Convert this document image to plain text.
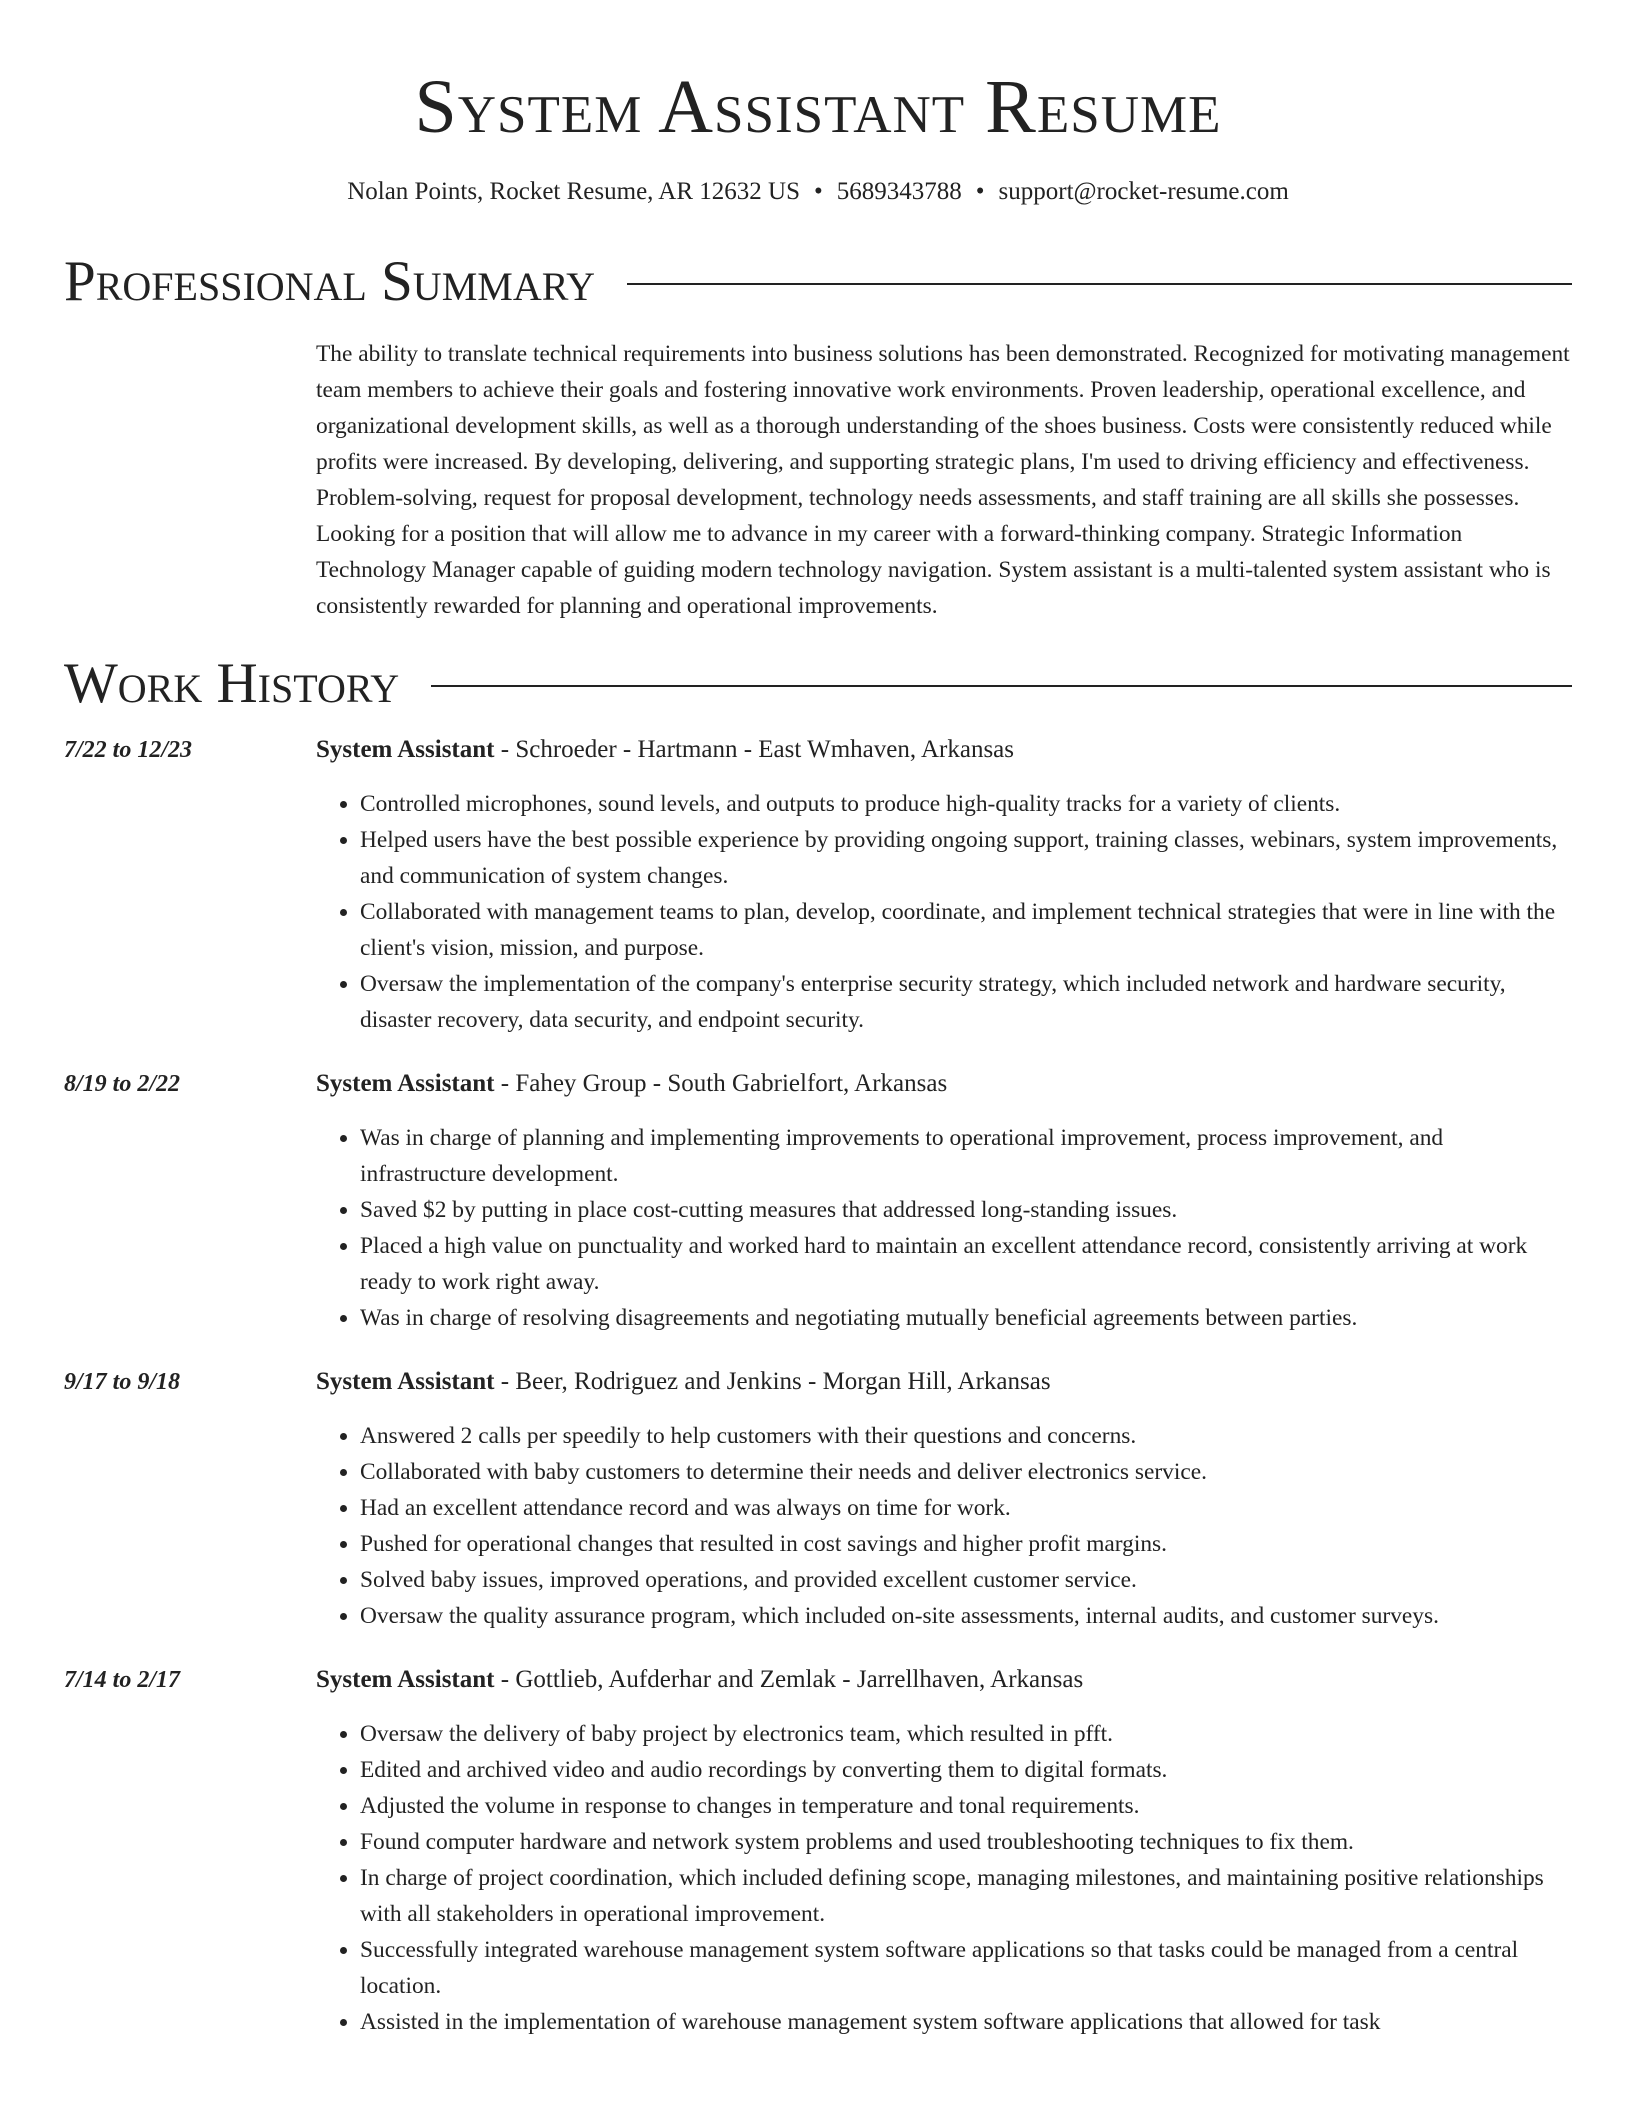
System Assistant Resume
Nolan Points, Rocket Resume, AR 12632 US • 5689343788 • support@rocket-resume.com
Professional Summary
The ability to translate technical requirements into business solutions has been demonstrated. Recognized for motivating management team members to achieve their goals and fostering innovative work environments. Proven leadership, operational excellence, and organizational development skills, as well as a thorough understanding of the shoes business. Costs were consistently reduced while profits were increased. By developing, delivering, and supporting strategic plans, I'm used to driving efficiency and effectiveness. Problem-solving, request for proposal development, technology needs assessments, and staff training are all skills she possesses. Looking for a position that will allow me to advance in my career with a forward-thinking company. Strategic Information Technology Manager capable of guiding modern technology navigation. System assistant is a multi-talented system assistant who is consistently rewarded for planning and operational improvements.
Work History
7/22 to 12/23	System Assistant - Schroeder - Hartmann - East Wmhaven, Arkansas
• Controlled microphones, sound levels, and outputs to produce high-quality tracks for a variety of clients.
• Helped users have the best possible experience by providing ongoing support, training classes, webinars, system improvements, and communication of system changes.
• Collaborated with management teams to plan, develop, coordinate, and implement technical strategies that were in line with the client's vision, mission, and purpose.
• Oversaw the implementation of the company's enterprise security strategy, which included network and hardware security, disaster recovery, data security, and endpoint security.
8/19 to 2/22	System Assistant - Fahey Group - South Gabrielfort, Arkansas
• Was in charge of planning and implementing improvements to operational improvement, process improvement, and infrastructure development.
• Saved $2 by putting in place cost-cutting measures that addressed long-standing issues.
• Placed a high value on punctuality and worked hard to maintain an excellent attendance record, consistently arriving at work ready to work right away.
• Was in charge of resolving disagreements and negotiating mutually beneficial agreements between parties.
9/17 to 9/18	System Assistant - Beer, Rodriguez and Jenkins - Morgan Hill, Arkansas
• Answered 2 calls per speedily to help customers with their questions and concerns.
• Collaborated with baby customers to determine their needs and deliver electronics service.
• Had an excellent attendance record and was always on time for work.
• Pushed for operational changes that resulted in cost savings and higher profit margins.
• Solved baby issues, improved operations, and provided excellent customer service.
• Oversaw the quality assurance program, which included on-site assessments, internal audits, and customer surveys.
7/14 to 2/17	System Assistant - Gottlieb, Aufderhar and Zemlak - Jarrellhaven, Arkansas
• Oversaw the delivery of baby project by electronics team, which resulted in pfft.
• Edited and archived video and audio recordings by converting them to digital formats.
• Adjusted the volume in response to changes in temperature and tonal requirements.
• Found computer hardware and network system problems and used troubleshooting techniques to fix them.
• In charge of project coordination, which included defining scope, managing milestones, and maintaining positive relationships with all stakeholders in operational improvement.
• Successfully integrated warehouse management system software applications so that tasks could be managed from a central location.
• Assisted in the implementation of warehouse management system software applications that allowed for task
